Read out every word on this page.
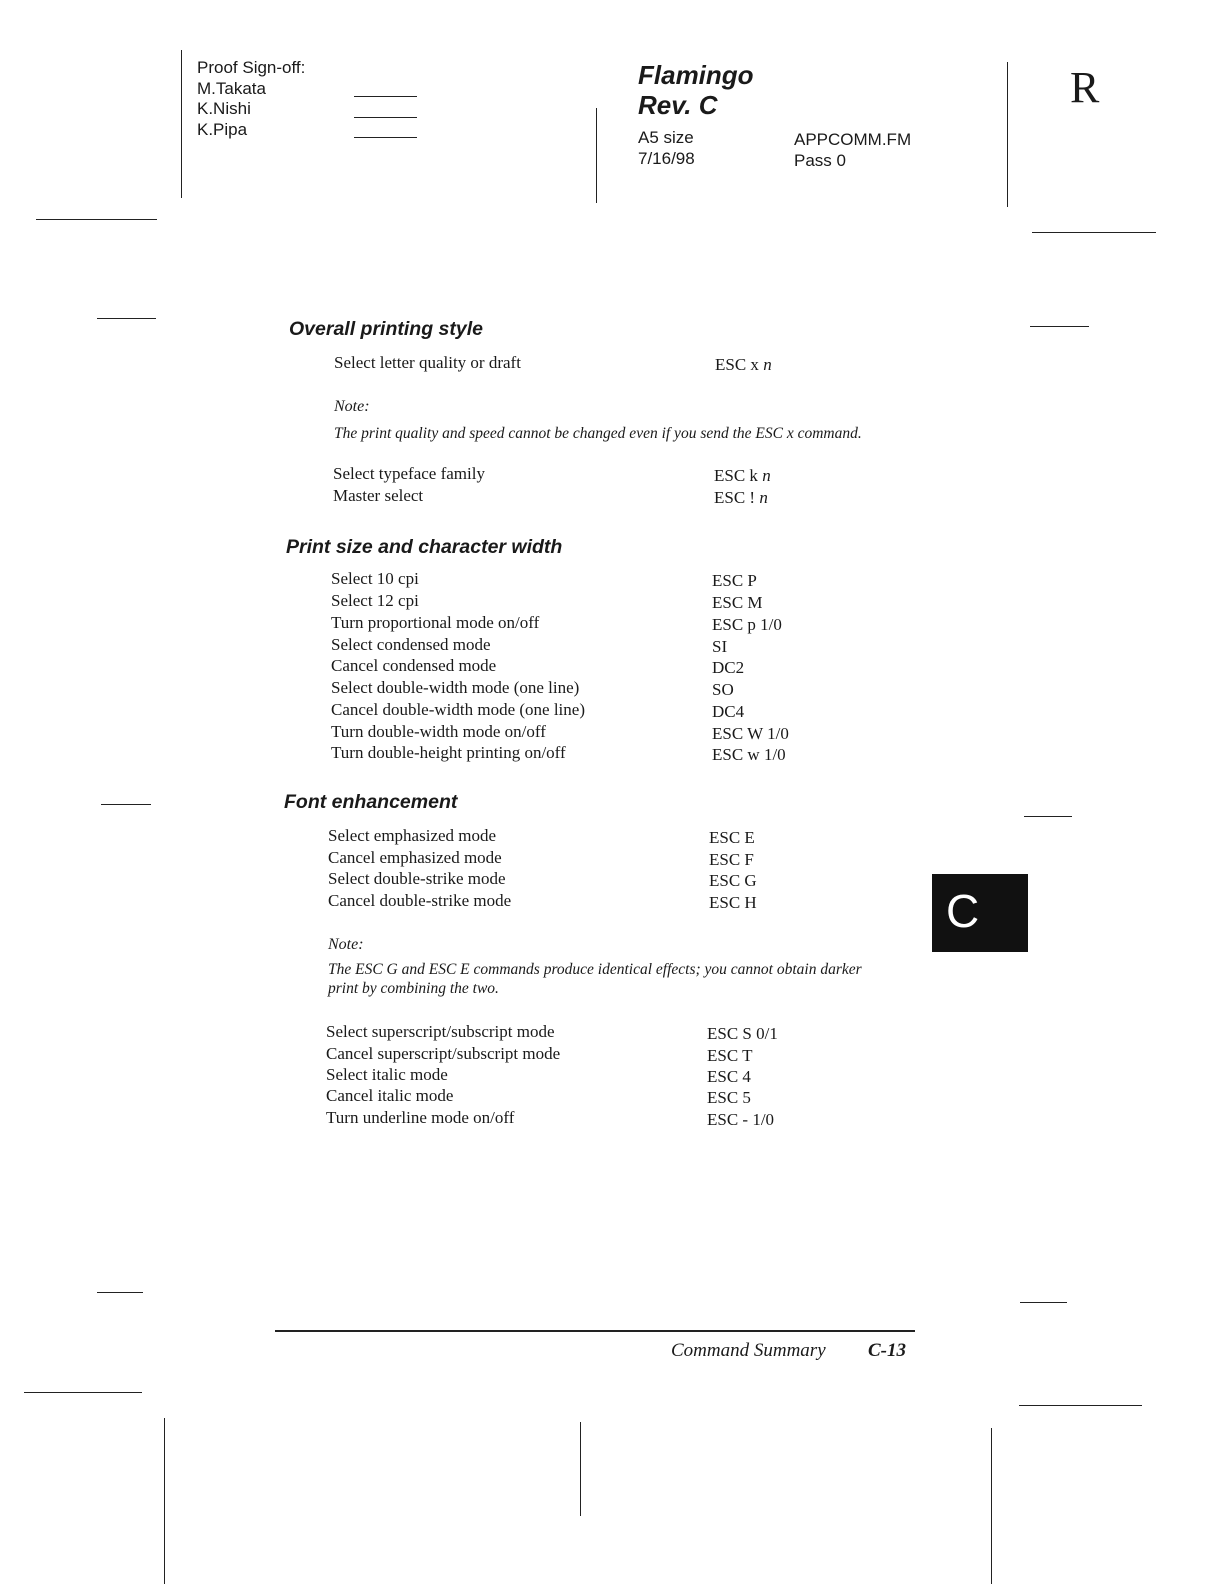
Proof Sign-off:
M.Takata
K.Nishi
K.Pipa
Flamingo
Rev. C
A5 size
7/16/98
APPCOMM.FM
Pass 0
R
Overall printing style
Select letter quality or draft	ESC x n
Note:
The print quality and speed cannot be changed even if you send the ESC x command.
Select typeface family	ESC k n
Master select	ESC ! n
Print size and character width
Select 10 cpi	ESC P
Select 12 cpi	ESC M
Turn proportional mode on/off	ESC p 1/0
Select condensed mode	SI
Cancel condensed mode	DC2
Select double-width mode (one line)	SO
Cancel double-width mode (one line)	DC4
Turn double-width mode on/off	ESC W 1/0
Turn double-height printing on/off	ESC w 1/0
Font enhancement
Select emphasized mode	ESC E
Cancel emphasized mode	ESC F
Select double-strike mode	ESC G
Cancel double-strike mode	ESC H
Note:
The ESC G and ESC E commands produce identical effects; you cannot obtain darker
print by combining the two.
Select superscript/subscript mode	ESC S 0/1
Cancel superscript/subscript mode	ESC T
Select italic mode	ESC 4
Cancel italic mode	ESC 5
Turn underline mode on/off	ESC - 1/0
C
Command Summary C-13
